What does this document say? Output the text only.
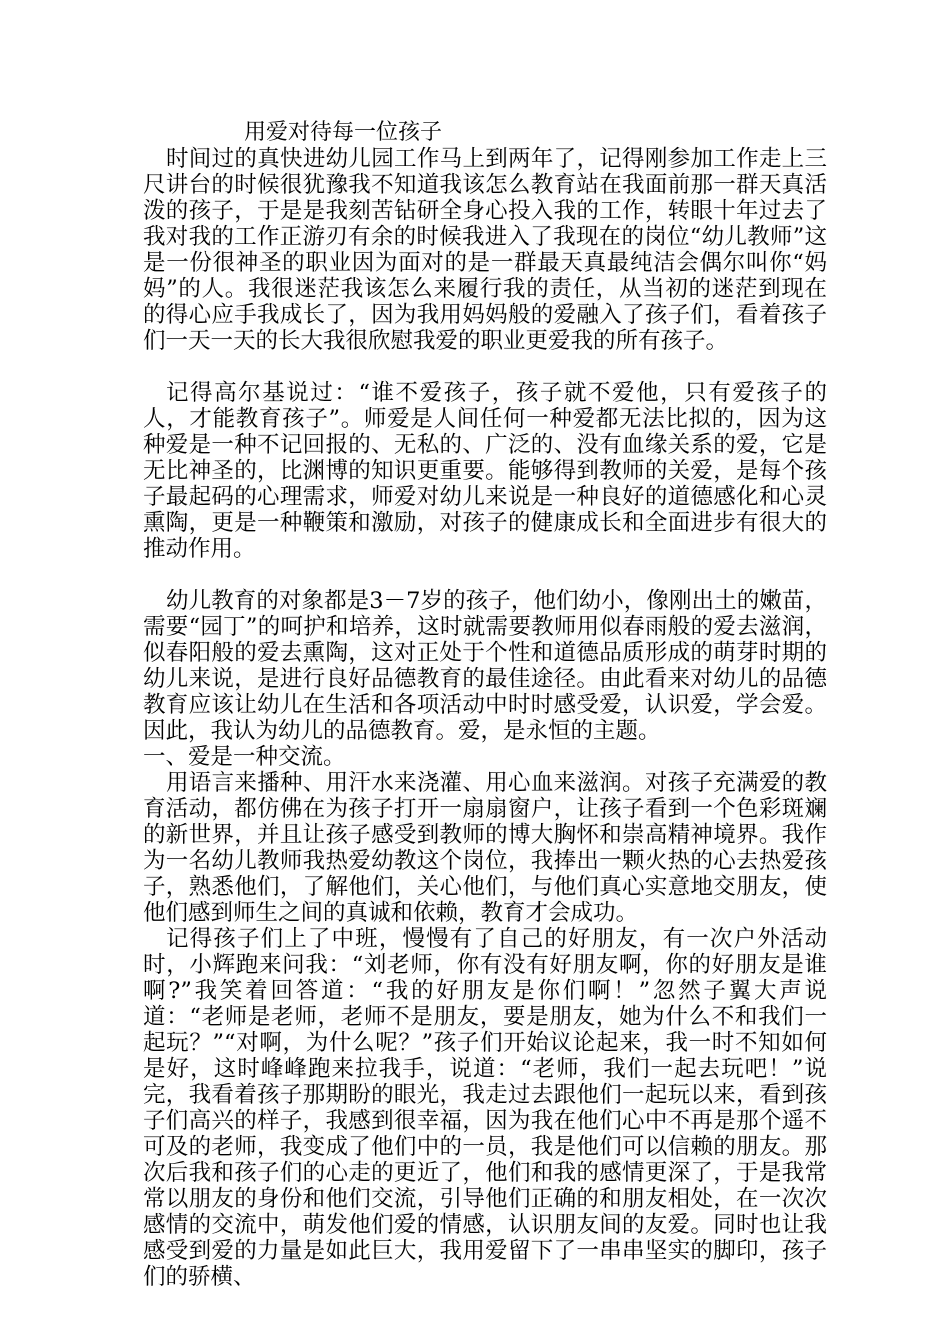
用爱对待每一位孩子

时间过的真快进幼儿园工作马上到两年了，记得刚参加工作走上三尺讲台的时候很犹豫我不知道我该怎么教育站在我面前那一群天真活泼的孩子，于是是我刻苦钻研全身心投入我的工作，转眼十年过去了我对我的工作正游刃有余的时候我进入了我现在的岗位“幼儿教师”这是一份很神圣的职业因为面对的是一群最天真最纯洁会偶尔叫你“妈妈”的人。我很迷茫我该怎么来履行我的责任，从当初的迷茫到现在的得心应手我成长了，因为我用妈妈般的爱融入了孩子们，看着孩子们一天一天的长大我很欣慰我爱的职业更爱我的所有孩子。

记得高尔基说过：“谁不爱孩子，孩子就不爱他，只有爱孩子的人，才能教育孩子”。师爱是人间任何一种爱都无法比拟的，因为这种爱是一种不记回报的、无私的、广泛的、没有血缘关系的爱，它是无比神圣的，比渊博的知识更重要。能够得到教师的关爱，是每个孩子最起码的心理需求，师爱对幼儿来说是一种良好的道德感化和心灵熏陶，更是一种鞭策和激励，对孩子的健康成长和全面进步有很大的推动作用。

幼儿教育的对象都是3－7岁的孩子，他们幼小，像刚出土的嫩苗，需要“园丁”的呵护和培养，这时就需要教师用似春雨般的爱去滋润，似春阳般的爱去熏陶，这对正处于个性和道德品质形成的萌芽时期的幼儿来说，是进行良好品德教育的最佳途径。由此看来对幼儿的品德教育应该让幼儿在生活和各项活动中时时感受爱，认识爱，学会爱。因此，我认为幼儿的品德教育。爱，是永恒的主题。

一、爱是一种交流。

用语言来播种、用汗水来浇灌、用心血来滋润。对孩子充满爱的教育活动，都仿佛在为孩子打开一扇扇窗户，让孩子看到一个色彩斑斓的新世界，并且让孩子感受到教师的博大胸怀和崇高精神境界。我作为一名幼儿教师我热爱幼教这个岗位，我捧出一颗火热的心去热爱孩子，熟悉他们，了解他们，关心他们，与他们真心实意地交朋友，使他们感到师生之间的真诚和依赖，教育才会成功。

记得孩子们上了中班，慢慢有了自己的好朋友，有一次户外活动时，小辉跑来问我：“刘老师，你有没有好朋友啊，你的好朋友是谁啊?”我笑着回答道：“我的好朋友是你们啊！”忽然子翼大声说道：“老师是老师，老师不是朋友，要是朋友，她为什么不和我们一起玩？”“对啊，为什么呢？”孩子们开始议论起来，我一时不知如何是好，这时峰峰跑来拉我手，说道：“老师，我们一起去玩吧！”说完，我看着孩子那期盼的眼光，我走过去跟他们一起玩以来，看到孩子们高兴的样子，我感到很幸福，因为我在他们心中不再是那个遥不可及的老师，我变成了他们中的一员，我是他们可以信赖的朋友。那次后我和孩子们的心走的更近了，他们和我的感情更深了，于是我常常以朋友的身份和他们交流，引导他们正确的和朋友相处，在一次次感情的交流中，萌发他们爱的情感，认识朋友间的友爱。同时也让我感受到爱的力量是如此巨大，我用爱留下了一串串坚实的脚印，孩子们的骄横、
